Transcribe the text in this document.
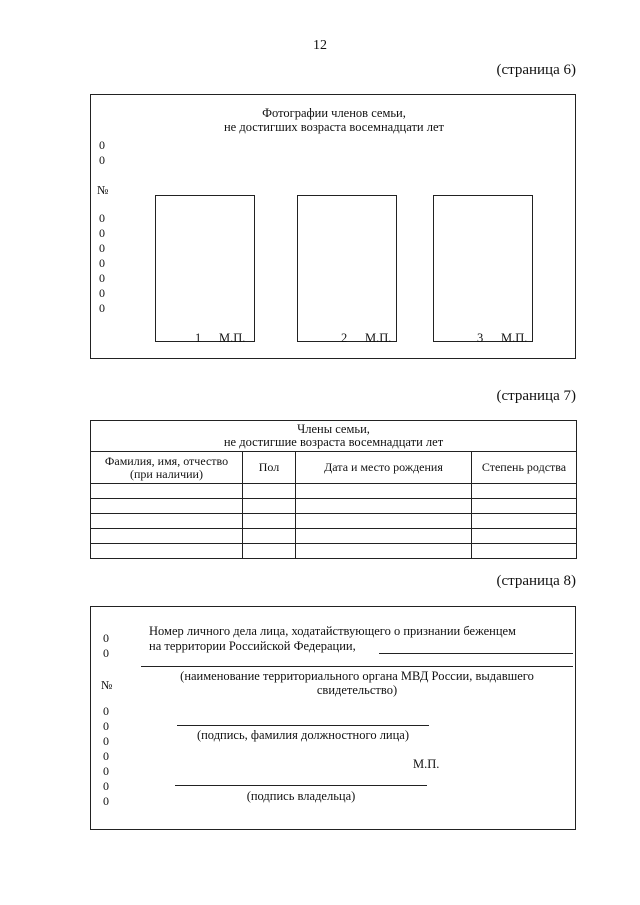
12
(страница 6)
Фотографии членов семьи,
не достигших возраста восемнадцати лет
0
0
№
0
0
0
0
0
0
0
1 М.П.	2 М.П.	3 М.П.
(страница 7)
Члены семьи,
не достигшие возраста восемнадцати лет			

Фамилия, имя, отчество
(при наличии)	Пол	Дата и место рождения	Степень родства

(страница 8)
0
0
№
0
0
0
0
0
0
0
Номер личного дела лица, ходатайствующего о признании беженцем
на территории Российской Федерации,
(наименование территориального органа МВД России, выдавшего
свидетельство)
(подпись, фамилия должностного лица)
М.П.
(подпись владельца)
